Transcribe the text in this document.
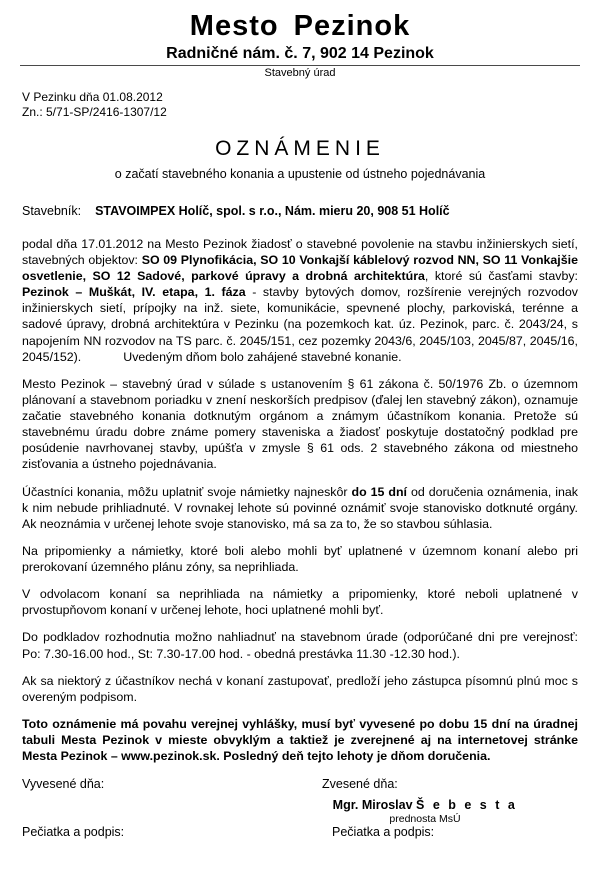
Mesto Pezinok
Radničné nám. č. 7, 902 14 Pezinok
Stavebný úrad
V Pezinku dňa 01.08.2012
Zn.: 5/71-SP/2416-1307/12
OZNÁMENIE
o začatí stavebného konania a upustenie od ústneho pojednávania
Stavebník: STAVOIMPEX Holíč, spol. s r.o., Nám. mieru 20, 908 51 Holíč

podal dňa 17.01.2012 na Mesto Pezinok žiadosť o stavebné povolenie na stavbu inžinierskych sietí, stavebných objektov: SO 09 Plynofikácia, SO 10 Vonkajší káblelový rozvod NN, SO 11 Vonkajšie osvetlenie, SO 12 Sadové, parkové úpravy a drobná architektúra, ktoré sú časťami stavby: Pezinok – Muškát, IV. etapa, 1. fáza - stavby bytových domov, rozšírenie verejných rozvodov inžinierskych sietí, prípojky na inž. siete, komunikácie, spevnené plochy, parkoviská, terénne a sadové úpravy, drobná architektúra v Pezinku (na pozemkoch kat. úz. Pezinok, parc. č. 2043/24, s napojením NN rozvodov na TS parc. č. 2045/151, cez pozemky 2043/6, 2045/103, 2045/87, 2045/16, 2045/152).	Uvedeným dňom bolo zahájené stavebné konanie.

Mesto Pezinok – stavebný úrad v súlade s ustanovením § 61 zákona č. 50/1976 Zb. o územnom plánovaní a stavebnom poriadku v znení neskorších predpisov (ďalej len stavebný zákon), oznamuje začatie stavebného konania dotknutým orgánom a známym účastníkom konania. Pretože sú stavebnému úradu dobre známe pomery staveniska a žiadosť poskytuje dostatočný podklad pre posúdenie navrhovanej stavby, upúšťa v zmysle § 61 ods. 2 stavebného zákona od miestneho zisťovania a ústneho pojednávania.

Účastníci konania, môžu uplatniť svoje námietky najneskôr do 15 dní od doručenia oznámenia, inak k nim nebude prihliadnuté. V rovnakej lehote sú povinné oznámiť svoje stanovisko dotknuté orgány. Ak neoznámia v určenej lehote svoje stanovisko, má sa za to, že so stavbou súhlasia.

Na pripomienky a námietky, ktoré boli alebo mohli byť uplatnené v územnom konaní alebo pri prerokovaní územného plánu zóny, sa neprihliada.

V odvolacom konaní sa neprihliada na námietky a pripomienky, ktoré neboli uplatnené v prvostupňovom konaní v určenej lehote, hoci uplatnené mohli byť.

Do podkladov rozhodnutia možno nahliadnuť na stavebnom úrade (odporúčané dni pre verejnosť: Po: 7.30-16.00 hod., St: 7.30-17.00 hod. - obedná prestávka 11.30 -12.30 hod.).

Ak sa niektorý z účastníkov nechá v konaní zastupovať, predloží jeho zástupca písomnú plnú moc s overeným podpisom.

Toto oznámenie má povahu verejnej vyhlášky, musí byť vyvesené po dobu 15 dní na úradnej tabuli Mesta Pezinok v mieste obvyklým a taktiež je zverejnené aj na internetovej stránke Mesta Pezinok – www.pezinok.sk. Posledný deň tejto lehoty je dňom doručenia.

Mgr. Miroslav Š e b e s t a
prednosta MsÚ
Vyvesené dňa:	Zvesené dňa:
Pečiatka a podpis:	Pečiatka a podpis:
